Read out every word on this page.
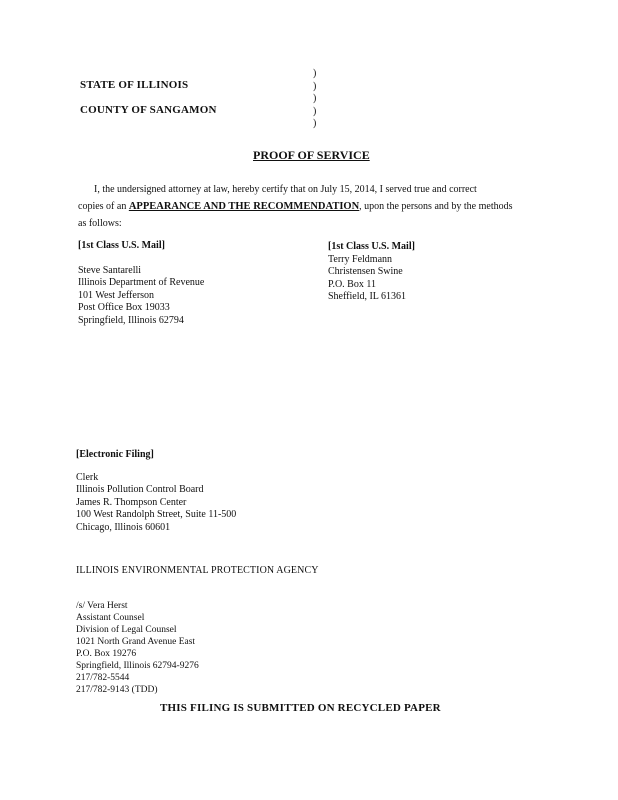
STATE OF ILLINOIS
COUNTY OF SANGAMON
)
)
)
)
)
PROOF OF SERVICE
I, the undersigned attorney at law, hereby certify that on July 15, 2014, I served true and correct
copies of an APPEARANCE AND THE RECOMMENDATION, upon the persons and by the methods
as follows:
[1st Class U.S. Mail]
Steve Santarelli
Illinois Department of Revenue
101 West Jefferson
Post Office Box 19033
Springfield, Illinois 62794
[1st Class U.S. Mail]
Terry Feldmann
Christensen Swine
P.O. Box 11
Sheffield, IL 61361
[Electronic Filing]
Clerk
Illinois Pollution Control Board
James R. Thompson Center
100 West Randolph Street, Suite 11-500
Chicago, Illinois 60601
ILLINOIS ENVIRONMENTAL PROTECTION AGENCY
/s/ Vera Herst
Assistant Counsel
Division of Legal Counsel
1021 North Grand Avenue East
P.O. Box 19276
Springfield, Illinois 62794-9276
217/782-5544
217/782-9143 (TDD)
THIS FILING IS SUBMITTED ON RECYCLED PAPER
